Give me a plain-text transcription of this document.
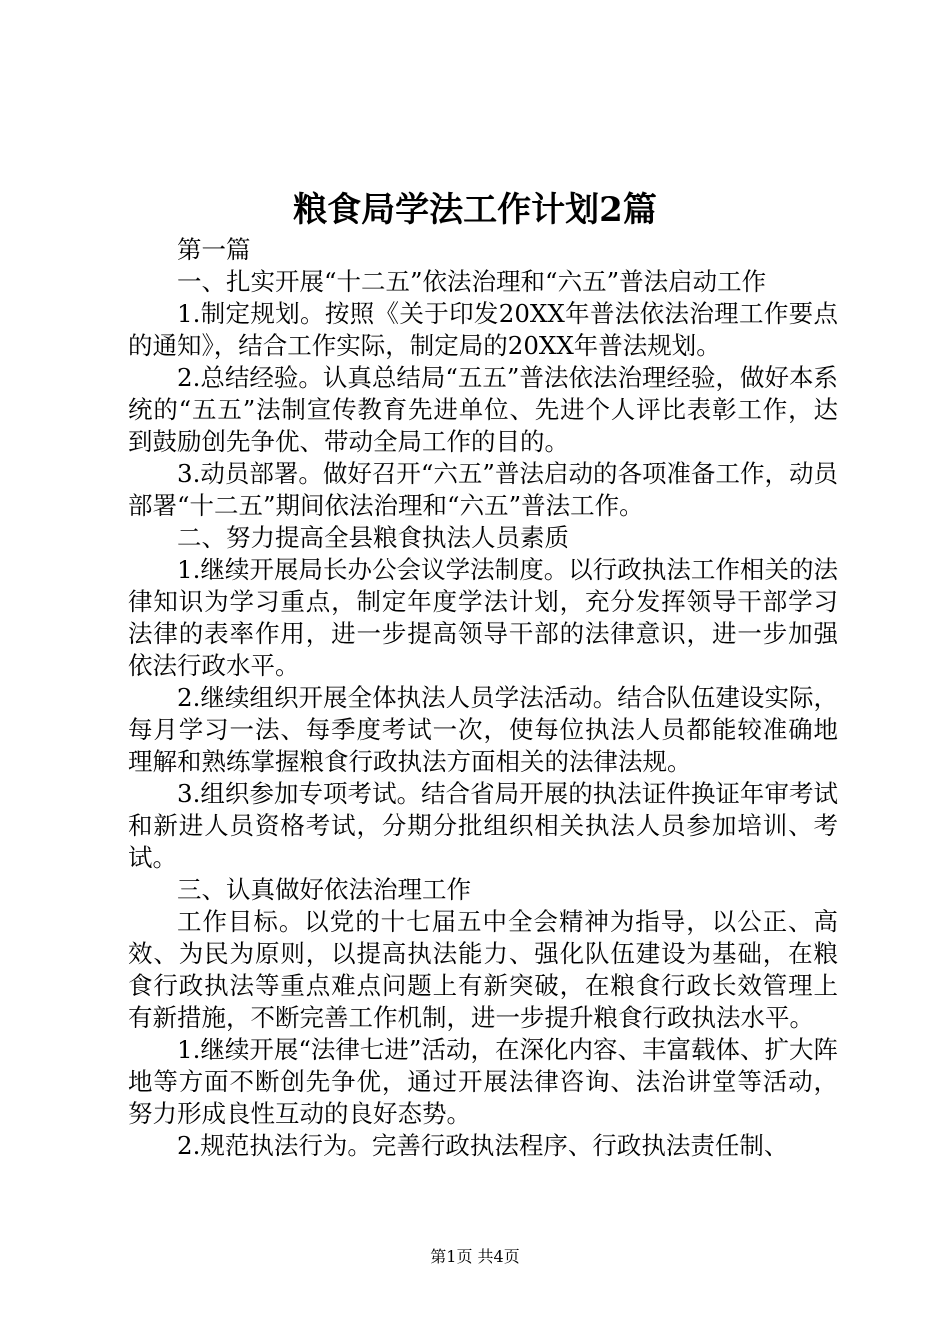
粮食局学法工作计划2篇

第一篇

一、扎实开展“十二五”依法治理和“六五”普法启动工作

1.制定规划。按照《关于印发20XX年普法依法治理工作要点的通知》，结合工作实际，制定局的20XX年普法规划。

2.总结经验。认真总结局“五五”普法依法治理经验，做好本系统的“五五”法制宣传教育先进单位、先进个人评比表彰工作，达到鼓励创先争优、带动全局工作的目的。

3.动员部署。做好召开“六五”普法启动的各项准备工作，动员部署“十二五”期间依法治理和“六五”普法工作。

二、努力提高全县粮食执法人员素质

1.继续开展局长办公会议学法制度。以行政执法工作相关的法律知识为学习重点，制定年度学法计划，充分发挥领导干部学习法律的表率作用，进一步提高领导干部的法律意识，进一步加强依法行政水平。

2.继续组织开展全体执法人员学法活动。结合队伍建设实际，每月学习一法、每季度考试一次，使每位执法人员都能较准确地理解和熟练掌握粮食行政执法方面相关的法律法规。

3.组织参加专项考试。结合省局开展的执法证件换证年审考试和新进人员资格考试，分期分批组织相关执法人员参加培训、考试。

三、认真做好依法治理工作

工作目标。以党的十七届五中全会精神为指导，以公正、高效、为民为原则，以提高执法能力、强化队伍建设为基础，在粮食行政执法等重点难点问题上有新突破，在粮食行政长效管理上有新措施，不断完善工作机制，进一步提升粮食行政执法水平。

1.继续开展“法律七进”活动，在深化内容、丰富载体、扩大阵地等方面不断创先争优，通过开展法律咨询、法治讲堂等活动，努力形成良性互动的良好态势。

2.规范执法行为。完善行政执法程序、行政执法责任制、

第1页 共4页
